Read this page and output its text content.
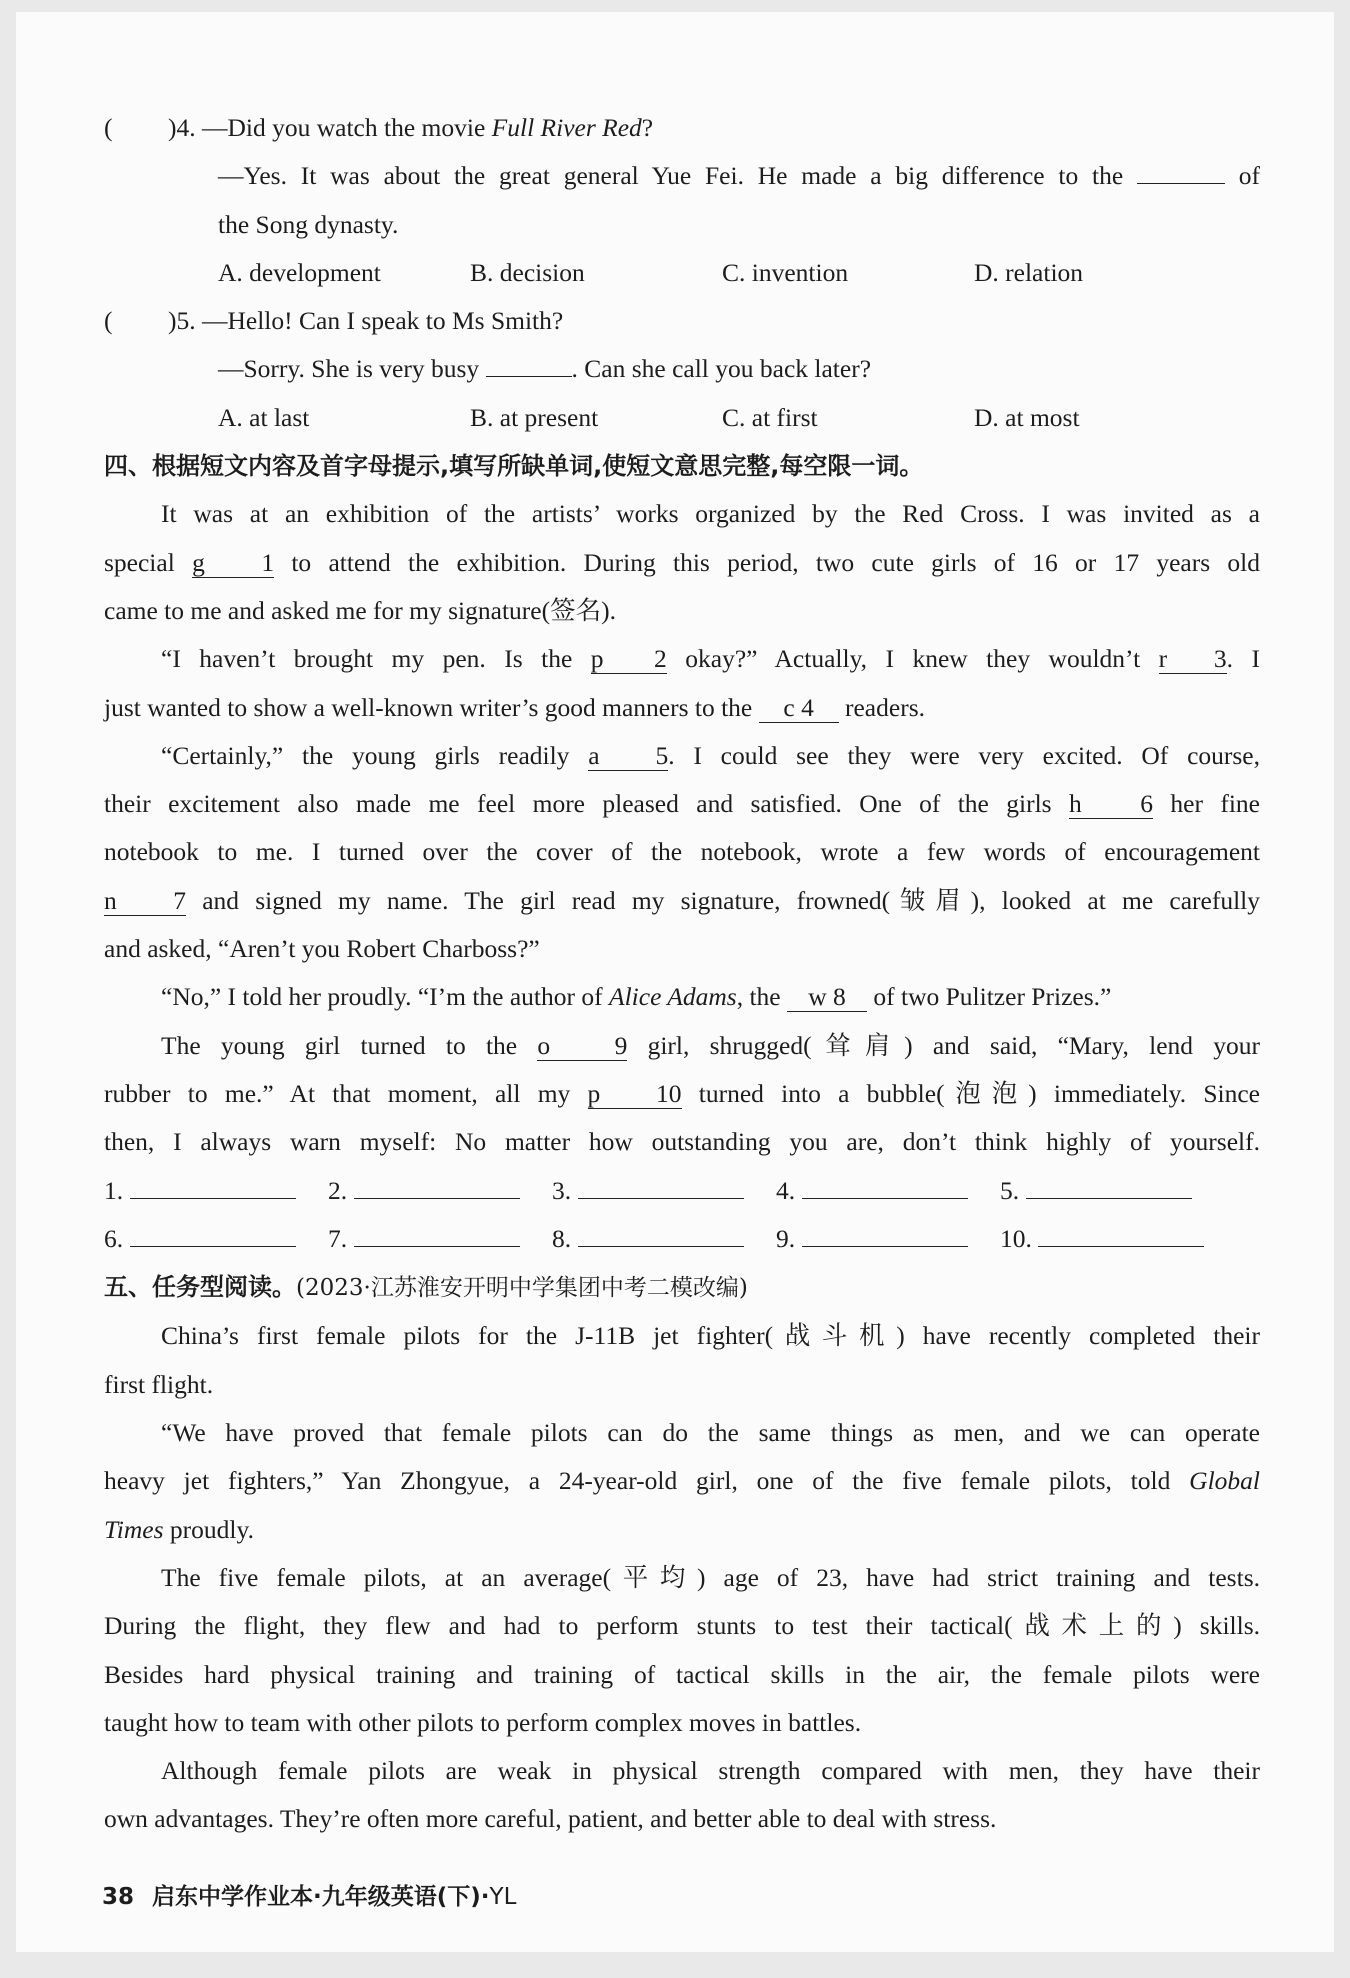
( )4. —Did you watch the movie Full River Red?
—Yes. It was about the great general Yue Fei. He made a big difference to the	of
the Song dynasty.
A. development	B. decision	C. invention	D. relation
( )5. —Hello! Can I speak to Ms Smith?
—Sorry. She is very busy	. Can she call you back later?
A. at last	B. at present	C. at first	D. at most
四、根据短文内容及首字母提示,填写所缺单词,使短文意思完整,每空限一词。
It was at an exhibition of the artists’ works organized by the Red Cross. I was invited as a
special g 1 to attend the exhibition. During this period, two cute girls of 16 or 17 years old
came to me and asked me for my signature(签名).
“I haven’t brought my pen. Is the p 2 okay?” Actually, I knew they wouldn’t r 3. I
just wanted to show a well-known writer’s good manners to the c 4 readers.
“Certainly,” the young girls readily a 5. I could see they were very excited. Of course,
their excitement also made me feel more pleased and satisfied. One of the girls h 6 her fine
notebook to me. I turned over the cover of the notebook, wrote a few words of encouragement
n 7 and signed my name. The girl read my signature, frowned(皱眉), looked at me carefully
and asked, “Aren’t you Robert Charboss?”
“No,” I told her proudly. “I’m the author of Alice Adams, the w 8 of two Pulitzer Prizes.”
The young girl turned to the o 9 girl, shrugged(耸肩) and said, “Mary, lend your
rubber to me.” At that moment, all my p 10 turned into a bubble(泡泡) immediately. Since
then, I always warn myself: No matter how outstanding you are, don’t think highly of yourself.
1.	2.	3.	4.	5.
6.	7.	8.	9.	10.
五、任务型阅读。(2023·江苏淮安开明中学集团中考二模改编)
China’s first female pilots for the J-11B jet fighter(战斗机) have recently completed their
first flight.
“We have proved that female pilots can do the same things as men, and we can operate
heavy jet fighters,” Yan Zhongyue, a 24-year-old girl, one of the five female pilots, told Global
Times proudly.
The five female pilots, at an average(平均) age of 23, have had strict training and tests.
During the flight, they flew and had to perform stunts to test their tactical(战术上的) skills.
Besides hard physical training and training of tactical skills in the air, the female pilots were
taught how to team with other pilots to perform complex moves in battles.
Although female pilots are weak in physical strength compared with men, they have their
own advantages. They’re often more careful, patient, and better able to deal with stress.
38 启东中学作业本·九年级英语(下)·YL
